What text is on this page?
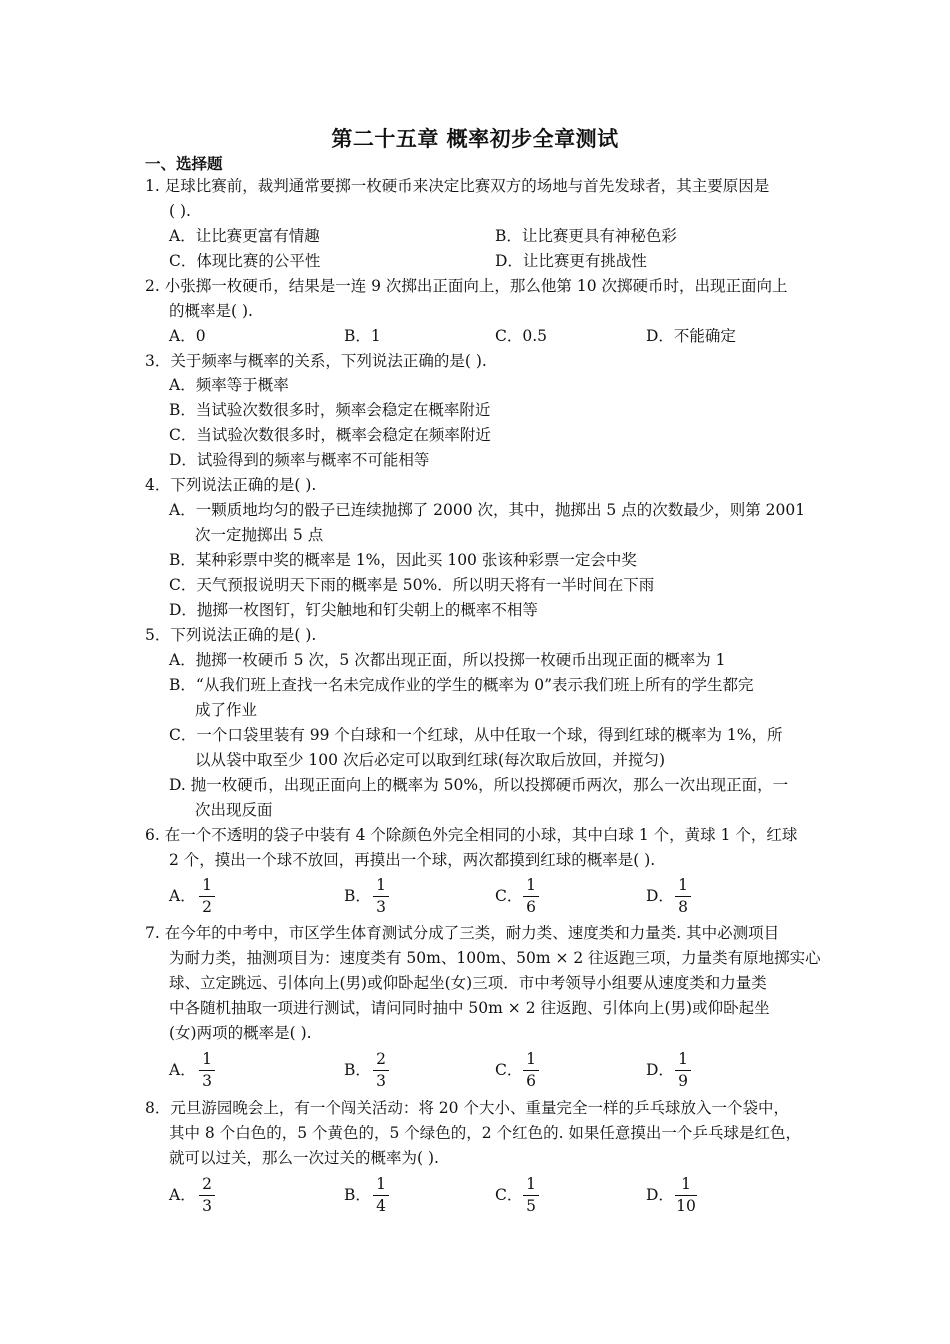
第二十五章 概率初步全章测试
一、选择题
1. 足球比赛前，裁判通常要掷一枚硬币来决定比赛双方的场地与首先发球者，其主要原因是
( ).
A．让比赛更富有情趣	B．让比赛更具有神秘色彩
C．体现比赛的公平性	D．让比赛更有挑战性
2. 小张掷一枚硬币，结果是一连 9 次掷出正面向上，那么他第 10 次掷硬币时，出现正面向上
的概率是( ).
A．0	B．1	C．0.5	D．不能确定
3．关于频率与概率的关系，下列说法正确的是( ).
A．频率等于概率
B．当试验次数很多时，频率会稳定在概率附近
C．当试验次数很多时，概率会稳定在频率附近
D．试验得到的频率与概率不可能相等
4．下列说法正确的是( ).
A．一颗质地均匀的骰子已连续抛掷了 2000 次，其中，抛掷出 5 点的次数最少，则第 2001
次一定抛掷出 5 点
B．某种彩票中奖的概率是 1%，因此买 100 张该种彩票一定会中奖
C．天气预报说明天下雨的概率是 50%．所以明天将有一半时间在下雨
D．抛掷一枚图钉，钉尖触地和钉尖朝上的概率不相等
5．下列说法正确的是( ).
A．抛掷一枚硬币 5 次，5 次都出现正面，所以投掷一枚硬币出现正面的概率为 1
B．“从我们班上查找一名未完成作业的学生的概率为 0”表示我们班上所有的学生都完
成了作业
C．一个口袋里装有 99 个白球和一个红球，从中任取一个球，得到红球的概率为 1%，所
以从袋中取至少 100 次后必定可以取到红球(每次取后放回，并搅匀)
D. 抛一枚硬币，出现正面向上的概率为 50%，所以投掷硬币两次，那么一次出现正面，一
次出现反面
6. 在一个不透明的袋子中装有 4 个除颜色外完全相同的小球，其中白球 1 个，黄球 1 个，红球
2 个，摸出一个球不放回，再摸出一个球，两次都摸到红球的概率是( ).
A．
1
2
B．
1
3
C．
1
6
D．
1
8
7. 在今年的中考中，市区学生体育测试分成了三类，耐力类、速度类和力量类. 其中必测项目
为耐力类，抽测项目为：速度类有 50m、100m、50m × 2 往返跑三项，力量类有原地掷实心
球、立定跳远、引体向上(男)或仰卧起坐(女)三项．市中考领导小组要从速度类和力量类
中各随机抽取一项进行测试，请问同时抽中 50m × 2 往返跑、引体向上(男)或仰卧起坐
(女)两项的概率是( ).
A．
1
3
B．
2
3
C．
1
6
D．
1
9
8．元旦游园晚会上，有一个闯关活动：将 20 个大小、重量完全一样的乒乓球放入一个袋中，
其中 8 个白色的，5 个黄色的，5 个绿色的，2 个红色的. 如果任意摸出一个乒乓球是红色，
就可以过关，那么一次过关的概率为( ).
A．
2
3
B．
1
4
C．
1
5
D．
1
10
